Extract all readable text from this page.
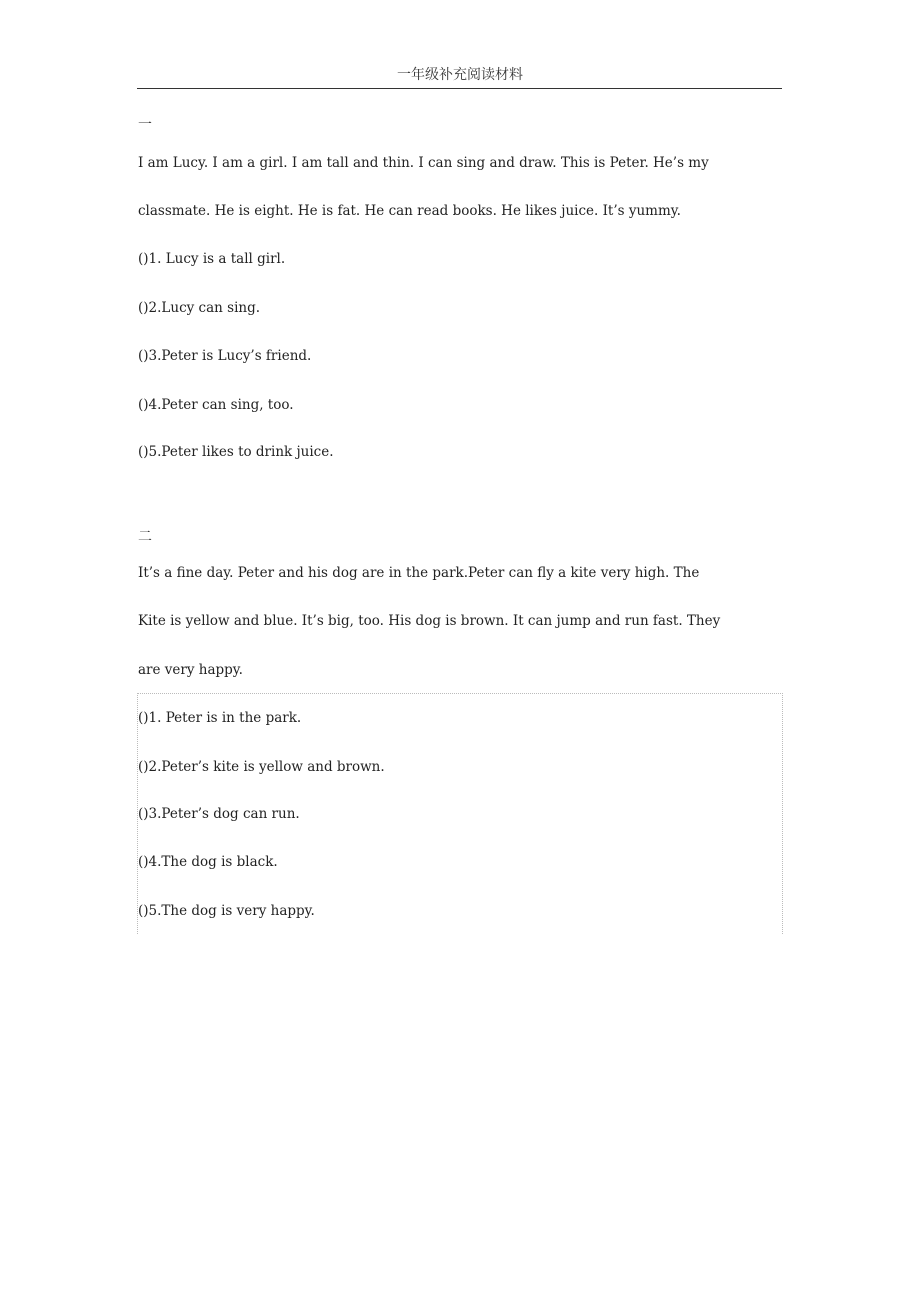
一年级补充阅读材料
一
I am Lucy. I am a girl. I am tall and thin. I can sing and draw. This is Peter. He’s my
classmate. He is eight. He is fat. He can read books. He likes juice. It’s yummy.
()1. Lucy is a tall girl.
()2.Lucy can sing.
()3.Peter is Lucy’s friend.
()4.Peter can sing, too.
()5.Peter likes to drink juice.
二
It’s a fine day. Peter and his dog are in the park.Peter can fly a kite very high. The
Kite is yellow and blue. It’s big, too. His dog is brown. It can jump and run fast. They
are very happy.
()1. Peter is in the park.
()2.Peter’s kite is yellow and brown.
()3.Peter’s dog can run.
()4.The dog is black.
()5.The dog is very happy.
